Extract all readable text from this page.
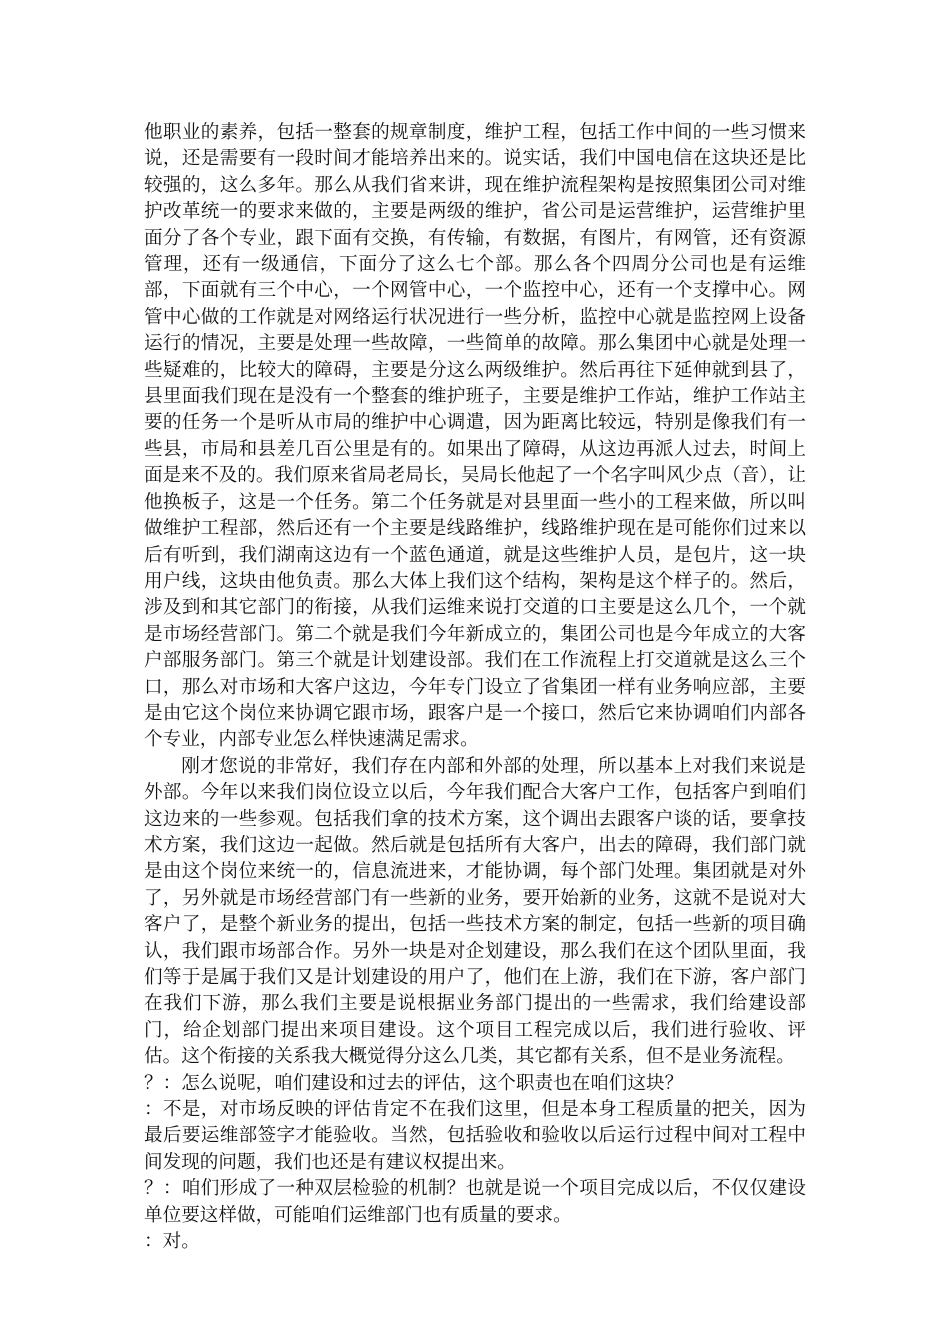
他职业的素养，包括一整套的规章制度，维护工程，包括工作中间的一些习惯来说，还是需要有一段时间才能培养出来的。说实话，我们中国电信在这块还是比较强的，这么多年。那么从我们省来讲，现在维护流程架构是按照集团公司对维护改革统一的要求来做的，主要是两级的维护，省公司是运营维护，运营维护里面分了各个专业，跟下面有交换，有传输，有数据，有图片，有网管，还有资源管理，还有一级通信，下面分了这么七个部。那么各个四周分公司也是有运维部，下面就有三个中心，一个网管中心，一个监控中心，还有一个支撑中心。网管中心做的工作就是对网络运行状况进行一些分析，监控中心就是监控网上设备运行的情况，主要是处理一些故障，一些简单的故障。那么集团中心就是处理一些疑难的，比较大的障碍，主要是分这么两级维护。然后再往下延伸就到县了，县里面我们现在是没有一个整套的维护班子，主要是维护工作站，维护工作站主要的任务一个是听从市局的维护中心调遣，因为距离比较远，特别是像我们有一些县，市局和县差几百公里是有的。如果出了障碍，从这边再派人过去，时间上面是来不及的。我们原来省局老局长，吴局长他起了一个名字叫风少点（音），让他换板子，这是一个任务。第二个任务就是对县里面一些小的工程来做，所以叫做维护工程部，然后还有一个主要是线路维护，线路维护现在是可能你们过来以后有听到，我们湖南这边有一个蓝色通道，就是这些维护人员，是包片，这一块用户线，这块由他负责。那么大体上我们这个结构，架构是这个样子的。然后，涉及到和其它部门的衔接，从我们运维来说打交道的口主要是这么几个，一个就是市场经营部门。第二个就是我们今年新成立的，集团公司也是今年成立的大客户部服务部门。第三个就是计划建设部。我们在工作流程上打交道就是这么三个口，那么对市场和大客户这边，今年专门设立了省集团一样有业务响应部，主要是由它这个岗位来协调它跟市场，跟客户是一个接口，然后它来协调咱们内部各个专业，内部专业怎么样快速满足需求。

刚才您说的非常好，我们存在内部和外部的处理，所以基本上对我们来说是外部。今年以来我们岗位设立以后，今年我们配合大客户工作，包括客户到咱们这边来的一些参观。包括我们拿的技术方案，这个调出去跟客户谈的话，要拿技术方案，我们这边一起做。然后就是包括所有大客户，出去的障碍，我们部门就是由这个岗位来统一的，信息流进来，才能协调，每个部门处理。集团就是对外了，另外就是市场经营部门有一些新的业务，要开始新的业务，这就不是说对大客户了，是整个新业务的提出，包括一些技术方案的制定，包括一些新的项目确认，我们跟市场部合作。另外一块是对企划建设，那么我们在这个团队里面，我们等于是属于我们又是计划建设的用户了，他们在上游，我们在下游，客户部门在我们下游，那么我们主要是说根据业务部门提出的一些需求，我们给建设部门，给企划部门提出来项目建设。这个项目工程完成以后，我们进行验收、评估。这个衔接的关系我大概觉得分这么几类，其它都有关系，但不是业务流程。

？：怎么说呢，咱们建设和过去的评估，这个职责也在咱们这块？

：不是，对市场反映的评估肯定不在我们这里，但是本身工程质量的把关，因为最后要运维部签字才能验收。当然，包括验收和验收以后运行过程中间对工程中间发现的问题，我们也还是有建议权提出来。

？：咱们形成了一种双层检验的机制？也就是说一个项目完成以后，不仅仅建设单位要这样做，可能咱们运维部门也有质量的要求。

：对。
